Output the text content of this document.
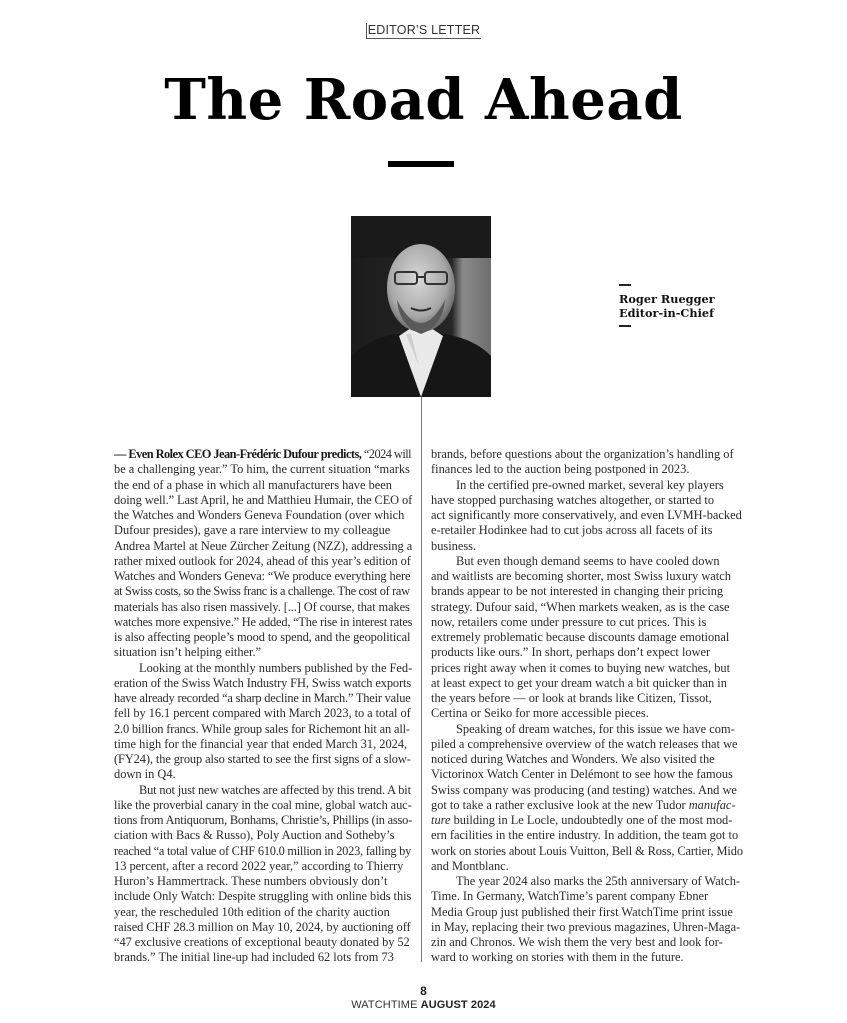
EDITOR’S LETTER
The Road Ahead
Roger Ruegger
Editor-in-Chief
— Even Rolex CEO Jean-Frédéric Dufour predicts, “2024 will
be a challenging year.” To him, the current situation “marks
the end of a phase in which all manufacturers have been
doing well.” Last April, he and Matthieu Humair, the CEO of
the Watches and Wonders Geneva Foundation (over which
Dufour presides), gave a rare interview to my colleague
Andrea Martel at Neue Zürcher Zeitung (NZZ), addressing a
rather mixed outlook for 2024, ahead of this year’s edition of
Watches and Wonders Geneva: “We produce everything here
at Swiss costs, so the Swiss franc is a challenge. The cost of raw
materials has also risen massively. [...] Of course, that makes
watches more expensive.” He added, “The rise in interest rates
is also affecting people’s mood to spend, and the geopolitical
situation isn’t helping either.”
Looking at the monthly numbers published by the Fed-
eration of the Swiss Watch Industry FH, Swiss watch exports
have already recorded “a sharp decline in March.” Their value
fell by 16.1 percent compared with March 2023, to a total of
2.0 billion francs. While group sales for Richemont hit an all-
time high for the financial year that ended March 31, 2024,
(FY24), the group also started to see the first signs of a slow-
down in Q4.
But not just new watches are affected by this trend. A bit
like the proverbial canary in the coal mine, global watch auc-
tions from Antiquorum, Bonhams, Christie’s, Phillips (in asso-
ciation with Bacs & Russo), Poly Auction and Sotheby’s
reached “a total value of CHF 610.0 million in 2023, falling by
13 percent, after a record 2022 year,” according to Thierry
Huron’s Hammertrack. These numbers obviously don’t
include Only Watch: Despite struggling with online bids this
year, the rescheduled 10th edition of the charity auction
raised CHF 28.3 million on May 10, 2024, by auctioning off
“47 exclusive creations of exceptional beauty donated by 52
brands.” The initial line-up had included 62 lots from 73
brands, before questions about the organization’s handling of
finances led to the auction being postponed in 2023.
In the certified pre-owned market, several key players
have stopped purchasing watches altogether, or started to
act significantly more conservatively, and even LVMH-backed
e-retailer Hodinkee had to cut jobs across all facets of its
business.
But even though demand seems to have cooled down
and waitlists are becoming shorter, most Swiss luxury watch
brands appear to be not interested in changing their pricing
strategy. Dufour said, “When markets weaken, as is the case
now, retailers come under pressure to cut prices. This is
extremely problematic because discounts damage emotional
products like ours.” In short, perhaps don’t expect lower
prices right away when it comes to buying new watches, but
at least expect to get your dream watch a bit quicker than in
the years before — or look at brands like Citizen, Tissot,
Certina or Seiko for more accessible pieces.
Speaking of dream watches, for this issue we have com-
piled a comprehensive overview of the watch releases that we
noticed during Watches and Wonders. We also visited the
Victorinox Watch Center in Delémont to see how the famous
Swiss company was producing (and testing) watches. And we
got to take a rather exclusive look at the new Tudor manufac-
ture building in Le Locle, undoubtedly one of the most mod-
ern facilities in the entire industry. In addition, the team got to
work on stories about Louis Vuitton, Bell & Ross, Cartier, Mido
and Montblanc.
The year 2024 also marks the 25th anniversary of Watch-
Time. In Germany, WatchTime’s parent company Ebner
Media Group just published their first WatchTime print issue
in May, replacing their two previous magazines, Uhren-Maga-
zin and Chronos. We wish them the very best and look for-
ward to working on stories with them in the future.
8
WATCHTIME AUGUST 2024
